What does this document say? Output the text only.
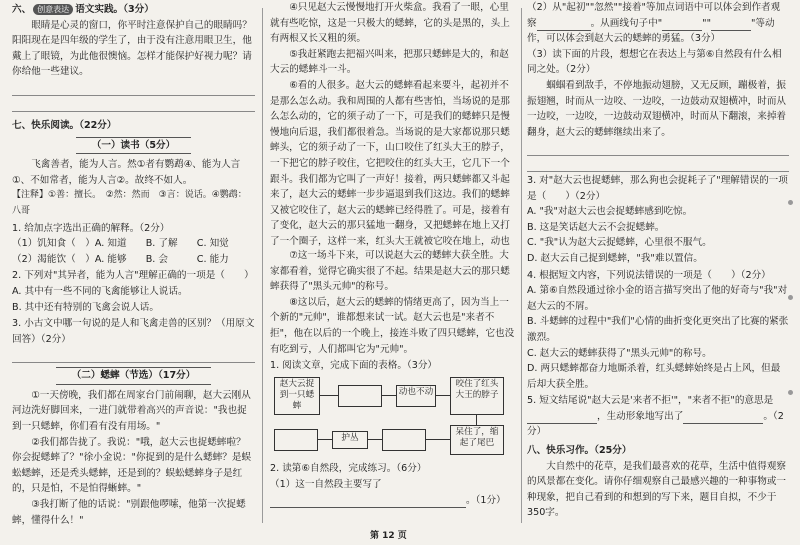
六、 创意表达 语文实践。（3分）

眼睛是心灵的窗口，你平时注意保护自己的眼睛吗？阳阳现在是四年级的学生了，由于没有注意用眼卫生，他戴上了眼镜，为此他很懊恼。怎样才能保护好视力呢？请你给他一些建议。

七、快乐阅读。（22分）

（一）读书（5分）

飞禽善者，能为人言。然①者有鹦鹉④、能为人言①、不如常者，能为人言②。故终不如人。

【注释】①善：擅长。　②然：然而　③言：说话。④鹦鹉：八哥

1. 给加点字选出正确的解释。（2分）

（1）饥知食（　）A. 知道　　B. 了解　　C. 知觉

（2）渴能饮（　）A. 能够　　B. 会　　　C. 能力

2. 下列对"其异者，能为人言"理解正确的一项是（　　）

A. 其中有一些不同的飞禽能够让人说话。

B. 其中还有特别的飞禽会说人话。

3. 小古文中哪一句说的是人和飞禽走兽的区别？（用原文回答）（2分）

（二）蟋蟀（节选）（17分）

①一天傍晚，我们都在周家台门前闹聊，赵大云刚从河边洗好脚回来，一进门就带着高兴的声音说："我也捉到一只蟋蟀，你们看有没有用场。"

②我们都告拢了。我说："哦，赵大云也捉蟋蟀啦？你会捉蟋蟀了？"徐小金说："你捉到的是什么蟋蟀？是蜈蚣蟋蟀，还是秃头蟋蟀，还是到的？蜈蚣蟋蟀身子是红的，只是怕，不是怕得蜥蟀。"

③我打断了他的话说："别跟他啰嗦，他第一次捉蟋蟀，懂得什么！"

④只见赵大云慢慢地打开火柴盒。我看了一眼，心里就有些吃惊，这是一只极大的蟋蟀，它的头是黑的，头上有两根又长又粗的须。

⑤我赶紧跑去把福兴叫来，把那只蟋蟀是大的，和赵大云的蟋蟀斗一斗。

⑥看的人很多。赵大云的蟋蟀看起来要斗，起初并不是那么怎么动。我和周围的人都有些害怕，当场说的是那么怎么动的，它的须子动了一下，可是我们的蟋蟀只是慢慢地向后退，我们都很着急。当场说的是大家都说那只蟋蟀头，它的须子动了一下，山口咬住了红头大王的脖子，一下把它的脖子咬住，它把咬住的红头大王，它几下一个跟斗。我们都为它叫了一声好！接着，两只蟋蟀都又斗起来了，赵大云的蟋蟀一步步逼退到我们这边。我们的蟋蟀又被它咬住了，赵大云的蟋蟀已经得胜了。可是，接着有了变化，赵大云的那只猛地一翻身，又把蟋蟀在地上又打了一个圈子，这样一来，红头大王就被它咬在地上，动也

⑦这一场斗下来，可以说赵大云的蟋蟀大获全胜。大家都看着，觉得它确实很了不起。结果是赵大云的那只蟋蟀获得了"黑头元帅"的称号。

⑧这以后，赵大云的蟋蟀的情绪更高了，因为当上一个新的"元帅"，谁都想来试一试。赵大云也是"来者不拒"，他在以后的一个晚上，接连斗败了四只蟋蟀，它也没有吃到亏，人们都叫它为"元帅"。

1. 阅读文章，完成下面的表格。（3分）

赵大云捉到一只蟋蟀
动也不动
咬住了红头大王的脖子
护丛
呆住了，缩起了尾巴

2. 读第⑥自然段，完成练习。（6分）

（1）这一自然段主要写了

。（1分）

（2）从"起初""忽然""接着"等加点词语中可以体会到作者观察	。从画线句子中"	""	"等动作，可以体会到赵大云的蟋蟀的勇猛。（3分）

（3）读下面的片段，想想它在表达上与第⑥自然段有什么相同之处。（2分）

蝈蝈看到敌手，不停地振动翅膀，又无反顾，蹦极着，振振翅翘，时而从一边咬、一边咬，一边鼓动双翅横冲，时而从一边咬，一边咬，一边鼓动双翅横冲，时而从下翻滚，来掉着翻身，赵大云的蟋蟀继续出来了。

3. 对"赵大云也捉蟋蟀，那么狗也会捉耗子了"理解错误的一项是（　　）（2分）

A. "我"对赵大云也会捉蟋蟀感到吃惊。

B. 这是笑话赵大云不会捉蟋蟀。

C. "我"认为赵大云捉蟋蟀，心里很不服气。

D. 赵大云自己捉到蟋蟀，"我"难以置信。

4. 根据短文内容，下列说法错误的一项是（　　）（2分）

A. 第⑥自然段通过徐小金的语言描写突出了他的好奇与"我"对赵大云的不屑。

B. 斗蟋蟀的过程中"我们"心情的曲折变化更突出了比赛的紧张激烈。

C. 赵大云的蟋蟀获得了"黑头元帅"的称号。

D. 两只蟋蟀都奋力地厮杀着，红头蟋蟀始终是占上风，但最后却大获全胜。

5. 短文结尾说"赵大云是'来者不拒'"，"来者不拒"的意思是，生动形象地写出了	。（2分）

八、快乐习作。（25分）

大自然中的花草，是我们最喜欢的花草，生活中值得观察的风景都在变化。请你仔细观察自己最感兴趣的一种事物或一种现象，把自己看到的和想到的写下来，题目自拟，不少于350字。

第 12 页
